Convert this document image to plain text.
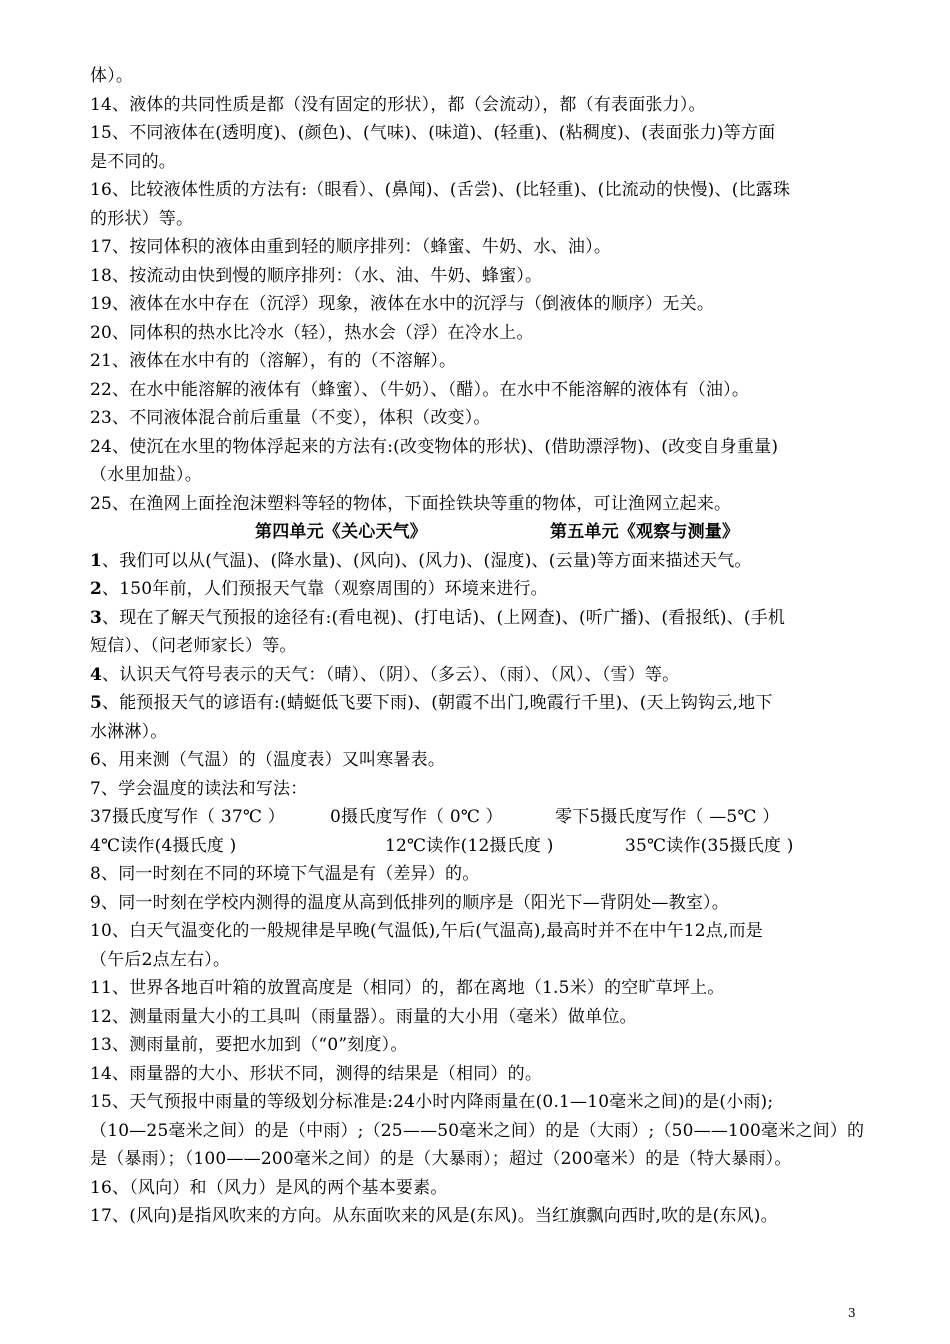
体）。
14、液体的共同性质是都（没有固定的形状），都（会流动），都（有表面张力）。
15、不同液体在(透明度)、(颜色)、(气味)、(味道)、(轻重)、(粘稠度)、(表面张力)等方面
是不同的。
16、比较液体性质的方法有:（眼看）、(鼻闻)、(舌尝)、(比轻重)、(比流动的快慢)、(比露珠
的形状）等。
17、按同体积的液体由重到轻的顺序排列：（蜂蜜、牛奶、水、油）。
18、按流动由快到慢的顺序排列：（水、油、牛奶、蜂蜜）。
19、液体在水中存在（沉浮）现象，液体在水中的沉浮与（倒液体的顺序）无关。
20、同体积的热水比冷水（轻），热水会（浮）在冷水上。
21、液体在水中有的（溶解），有的（不溶解）。
22、在水中能溶解的液体有（蜂蜜）、（牛奶）、（醋）。在水中不能溶解的液体有（油）。
23、不同液体混合前后重量（不变），体积（改变）。
24、使沉在水里的物体浮起来的方法有:(改变物体的形状)、(借助漂浮物)、(改变自身重量)
（水里加盐）。
25、在渔网上面拴泡沫塑料等轻的物体，下面拴铁块等重的物体，可让渔网立起来。
第四单元《关心天气》	第五单元《观察与测量》
1、我们可以从(气温)、(降水量)、(风向)、(风力)、(湿度)、(云量)等方面来描述天气。
2、150年前，人们预报天气靠（观察周围的）环境来进行。
3、现在了解天气预报的途径有:(看电视)、(打电话)、(上网查)、(听广播)、(看报纸)、(手机
短信）、（问老师家长）等。
4、认识天气符号表示的天气：（晴）、（阴）、（多云）、（雨）、（风）、（雪）等。
5、能预报天气的谚语有:(蜻蜓低飞要下雨)、(朝霞不出门,晚霞行千里)、(天上钩钩云,地下
水淋淋）。
6、用来测（气温）的（温度表）又叫寒暑表。
7、学会温度的读法和写法：
37摄氏度写作（ 37℃ ）	0摄氏度写作（ 0℃ ）	零下5摄氏度写作（ —5℃ ）
4℃读作(4摄氏度 )	12℃读作(12摄氏度 )	35℃读作(35摄氏度 )
8、同一时刻在不同的环境下气温是有（差异）的。
9、同一时刻在学校内测得的温度从高到低排列的顺序是（阳光下—背阴处—教室）。
10、白天气温变化的一般规律是早晚(气温低),午后(气温高),最高时并不在中午12点,而是
（午后2点左右）。
11、世界各地百叶箱的放置高度是（相同）的，都在离地（1.5米）的空旷草坪上。
12、测量雨量大小的工具叫（雨量器）。雨量的大小用（毫米）做单位。
13、测雨量前，要把水加到（“0”刻度）。
14、雨量器的大小、形状不同，测得的结果是（相同）的。
15、天气预报中雨量的等级划分标准是:24小时内降雨量在(0.1—10毫米之间)的是(小雨);
（10—25毫米之间）的是（中雨）;（25——50毫米之间）的是（大雨）;（50——100毫米之间）的
是（暴雨）；（100——200毫米之间）的是（大暴雨）；超过（200毫米）的是（特大暴雨）。
16、（风向）和（风力）是风的两个基本要素。
17、(风向)是指风吹来的方向。从东面吹来的风是(东风)。当红旗飘向西时,吹的是(东风)。
3
